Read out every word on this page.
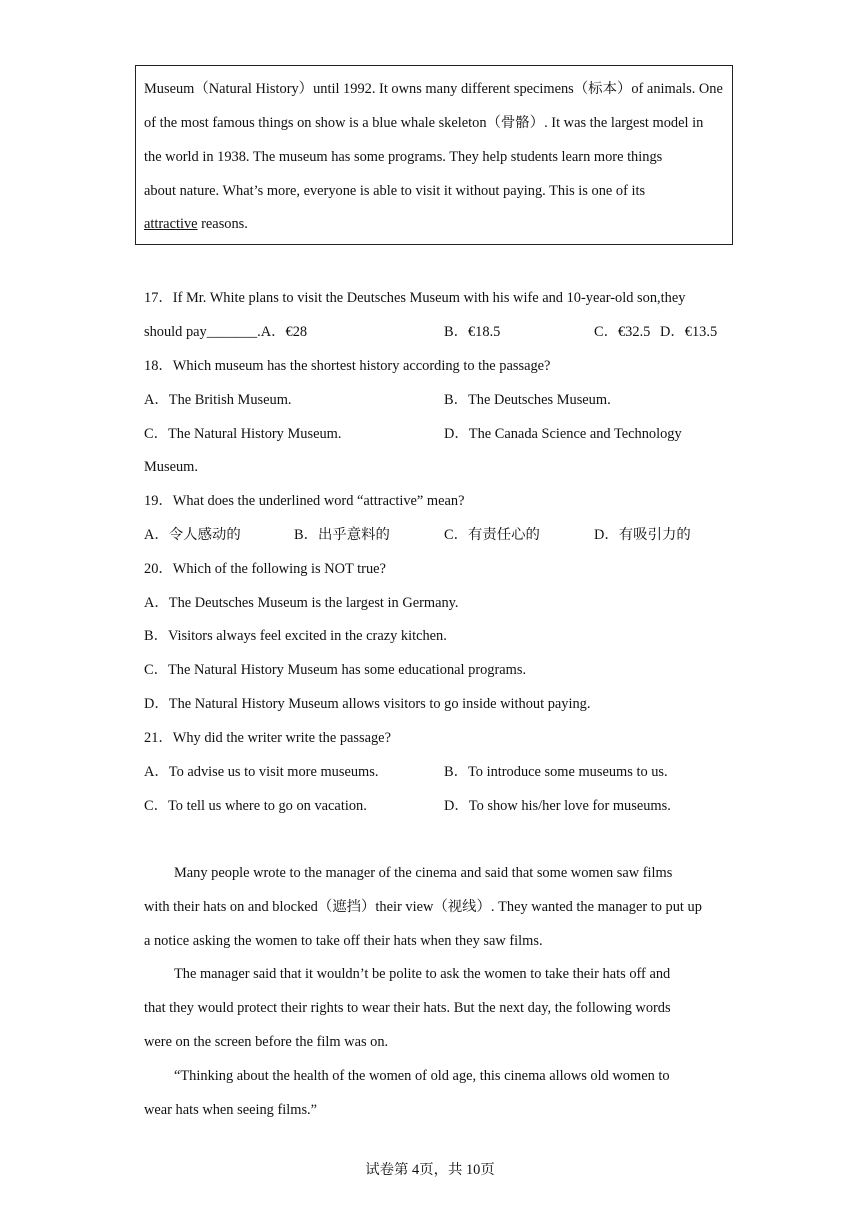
Museum（Natural History）until 1992. It owns many different specimens（标本）of animals. One
of the most famous things on show is a blue whale skeleton（骨骼）. It was the largest model in
the world in 1938. The museum has some programs. They help students learn more things
about nature. What’s more, everyone is able to visit it without paying. This is one of its
attractive reasons.
17．If Mr. White plans to visit the Deutsches Museum with his wife and 10-year-old son,they
should pay_______.A．€28	B．€18.5	C．€32.5 D．€13.5
18．Which museum has the shortest history according to the passage?
A．The British Museum.	B．The Deutsches Museum.
C．The Natural History Museum.	D．The Canada Science and Technology
Museum.
19．What does the underlined word “attractive” mean?
A．令人感动的	B．出乎意料的	C．有责任心的	D．有吸引力的
20．Which of the following is NOT true?
A．The Deutsches Museum is the largest in Germany.
B．Visitors always feel excited in the crazy kitchen.
C．The Natural History Museum has some educational programs.
D．The Natural History Museum allows visitors to go inside without paying.
21．Why did the writer write the passage?
A．To advise us to visit more museums.	B．To introduce some museums to us.
C．To tell us where to go on vacation.	D．To show his/her love for museums.
Many people wrote to the manager of the cinema and said that some women saw films
with their hats on and blocked（遮挡）their view（视线）. They wanted the manager to put up
a notice asking the women to take off their hats when they saw films.
The manager said that it wouldn’t be polite to ask the women to take their hats off and
that they would protect their rights to wear their hats. But the next day, the following words
were on the screen before the film was on.
“Thinking about the health of the women of old age, this cinema allows old women to
wear hats when seeing films.”
试卷第 4页，共 10页
